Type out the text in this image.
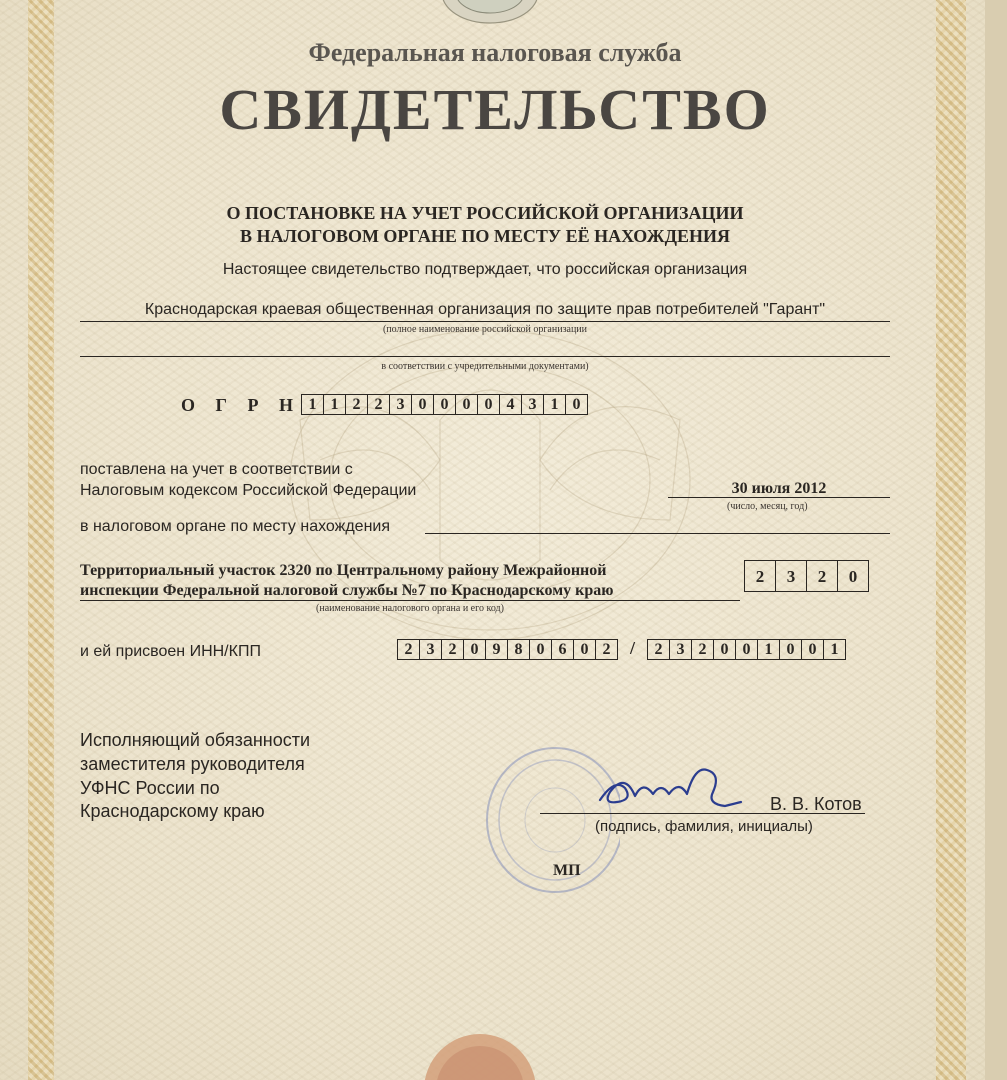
Федеральная налоговая служба
СВИДЕТЕЛЬСТВО
О ПОСТАНОВКЕ НА УЧЕТ РОССИЙСКОЙ ОРГАНИЗАЦИИ
В НАЛОГОВОМ ОРГАНЕ ПО МЕСТУ ЕЁ НАХОЖДЕНИЯ
Настоящее свидетельство подтверждает, что российская организация
Краснодарская краевая общественная организация по защите прав потребителей "Гарант"
(полное наименование российской организации
в соответствии с учредительными документами)
О Г Р Н 1 1 2 2 3 0 0 0 0 4 3 1 0
поставлена на учет в соответствии с
Налоговым кодексом Российской Федерации	30 июля 2012
(число, месяц, год)
в налоговом органе по месту нахождения
Территориальный участок 2320 по Центральному району Межрайонной
инспекции Федеральной налоговой службы №7 по Краснодарскому краю
(наименование налогового органа и его код)
2	3	2	0
и ей присвоен ИНН/КПП	2 3 2 0 9 8 0 6 0 2	/	2 3 2 0 0 1 0 0 1
Исполняющий обязанности
заместителя руководителя
УФНС России по
Краснодарскому краю	В. В. Котов
(подпись, фамилия, инициалы)
МП
